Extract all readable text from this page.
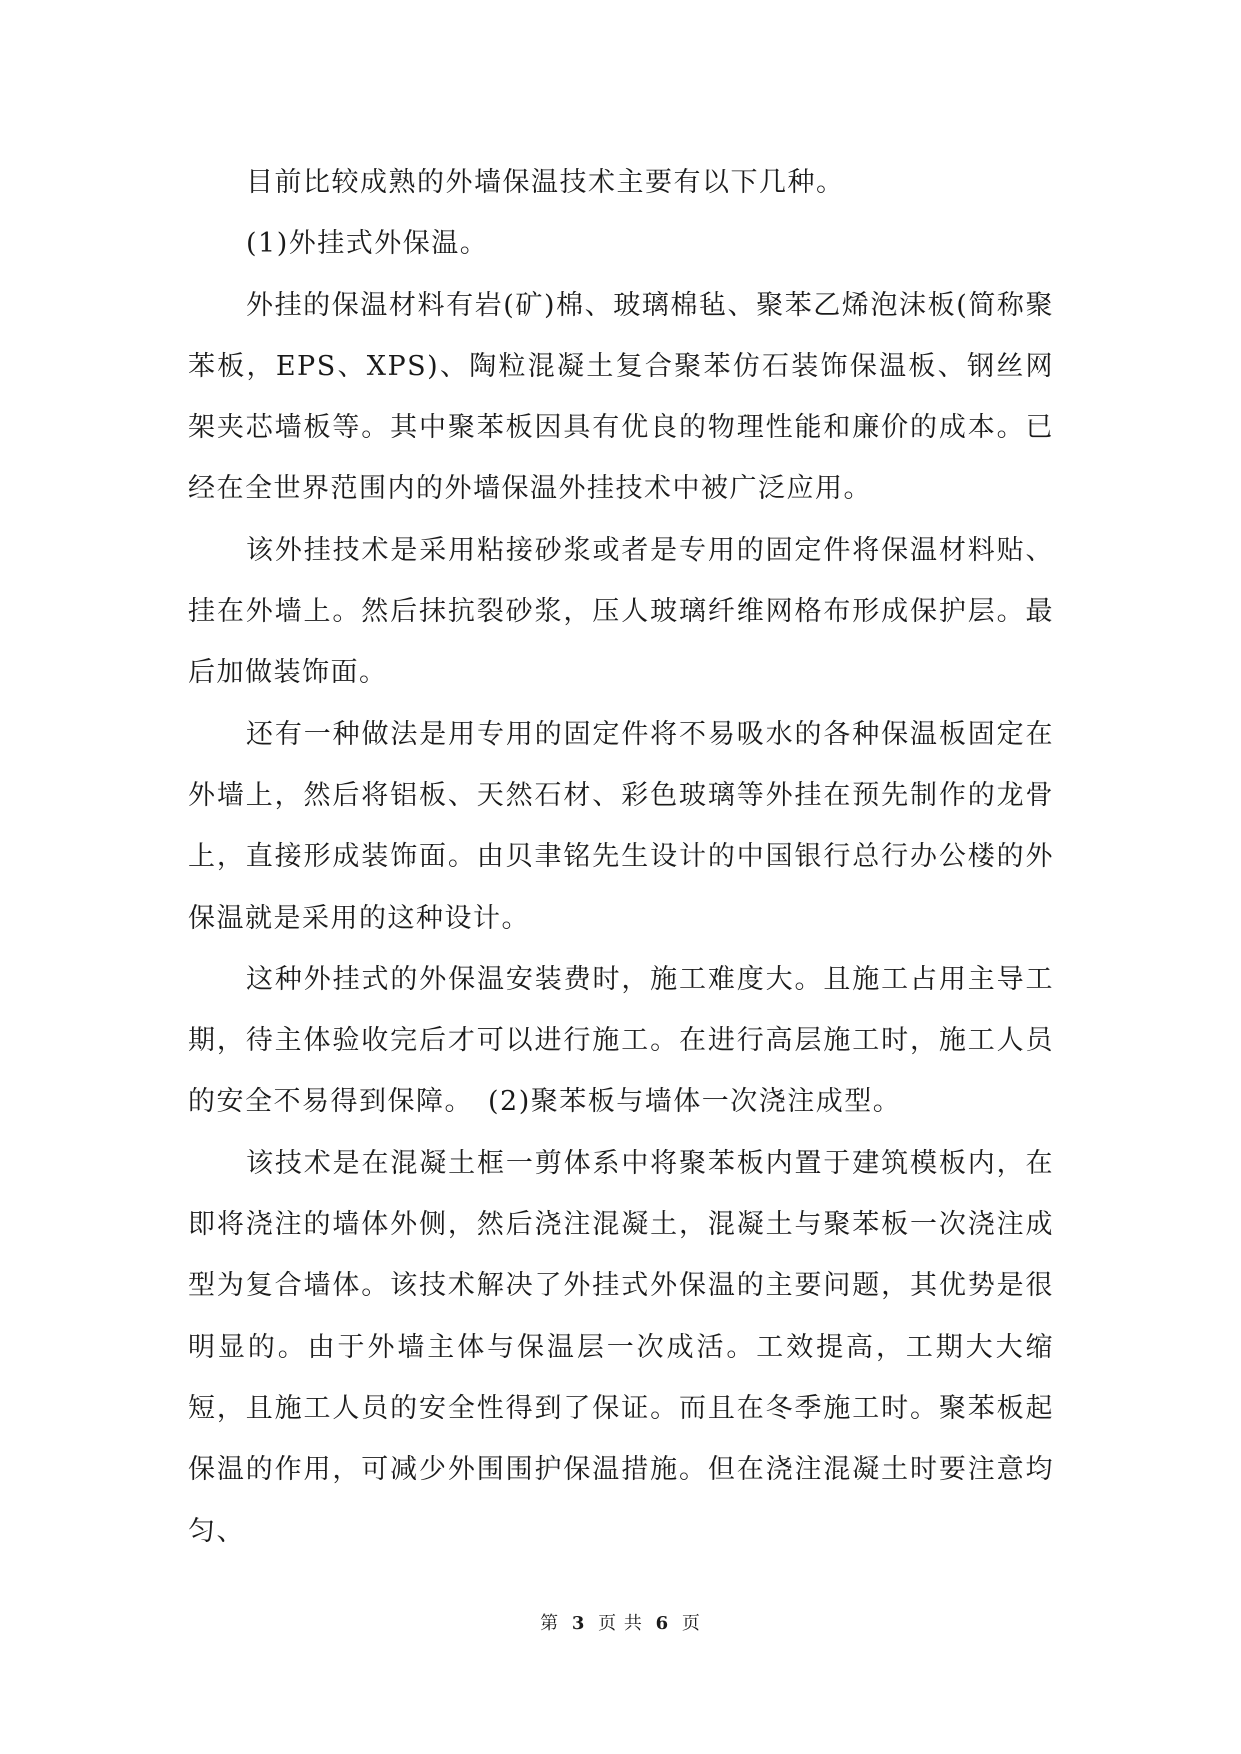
目前比较成熟的外墙保温技术主要有以下几种。

(1)外挂式外保温。

外挂的保温材料有岩(矿)棉、玻璃棉毡、聚苯乙烯泡沫板(简称聚苯板，EPS、XPS)、陶粒混凝土复合聚苯仿石装饰保温板、钢丝网架夹芯墙板等。其中聚苯板因具有优良的物理性能和廉价的成本。已经在全世界范围内的外墙保温外挂技术中被广泛应用。

该外挂技术是采用粘接砂浆或者是专用的固定件将保温材料贴、挂在外墙上。然后抹抗裂砂浆，压人玻璃纤维网格布形成保护层。最后加做装饰面。

还有一种做法是用专用的固定件将不易吸水的各种保温板固定在外墙上，然后将铝板、天然石材、彩色玻璃等外挂在预先制作的龙骨上，直接形成装饰面。由贝聿铭先生设计的中国银行总行办公楼的外保温就是采用的这种设计。

这种外挂式的外保温安装费时，施工难度大。且施工占用主导工期，待主体验收完后才可以进行施工。在进行高层施工时，施工人员的安全不易得到保障。　(2)聚苯板与墙体一次浇注成型。

该技术是在混凝土框一剪体系中将聚苯板内置于建筑模板内，在即将浇注的墙体外侧，然后浇注混凝土，混凝土与聚苯板一次浇注成型为复合墙体。该技术解决了外挂式外保温的主要问题，其优势是很明显的。由于外墙主体与保温层一次成活。工效提高，工期大大缩短，且施工人员的安全性得到了保证。而且在冬季施工时。聚苯板起保温的作用，可减少外围围护保温措施。但在浇注混凝土时要注意均匀、

第 3 页 共 6 页
